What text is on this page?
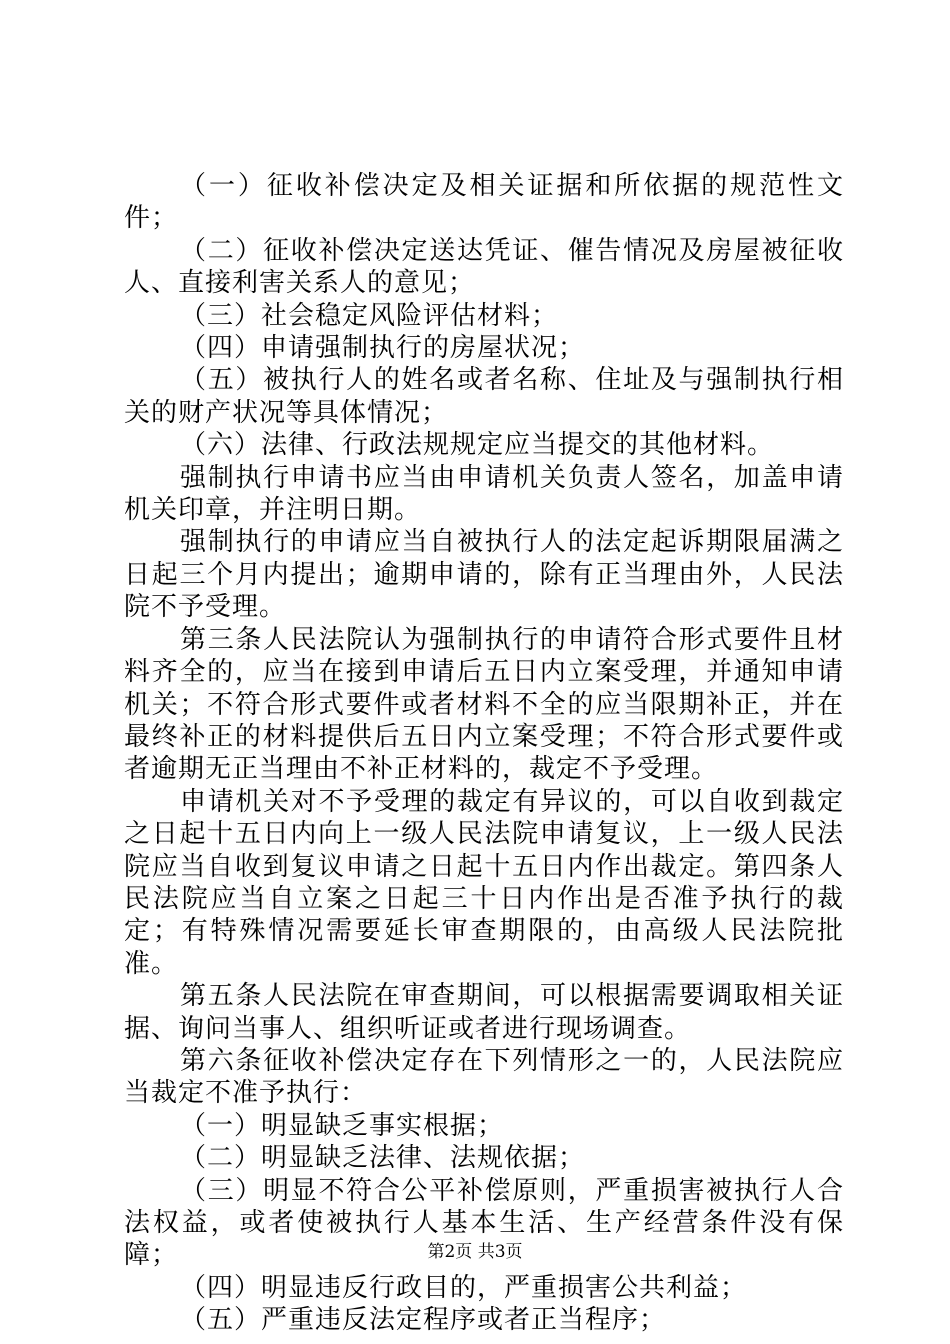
（一）征收补偿决定及相关证据和所依据的规范性文件；

（二）征收补偿决定送达凭证、催告情况及房屋被征收人、直接利害关系人的意见；

（三）社会稳定风险评估材料；

（四）申请强制执行的房屋状况；

（五）被执行人的姓名或者名称、住址及与强制执行相关的财产状况等具体情况；

（六）法律、行政法规规定应当提交的其他材料。

强制执行申请书应当由申请机关负责人签名，加盖申请机关印章，并注明日期。

强制执行的申请应当自被执行人的法定起诉期限届满之日起三个月内提出；逾期申请的，除有正当理由外，人民法院不予受理。

第三条人民法院认为强制执行的申请符合形式要件且材料齐全的，应当在接到申请后五日内立案受理，并通知申请机关；不符合形式要件或者材料不全的应当限期补正，并在最终补正的材料提供后五日内立案受理；不符合形式要件或者逾期无正当理由不补正材料的，裁定不予受理。

申请机关对不予受理的裁定有异议的，可以自收到裁定之日起十五日内向上一级人民法院申请复议，上一级人民法院应当自收到复议申请之日起十五日内作出裁定。第四条人民法院应当自立案之日起三十日内作出是否准予执行的裁定；有特殊情况需要延长审查期限的，由高级人民法院批准。

第五条人民法院在审查期间，可以根据需要调取相关证据、询问当事人、组织听证或者进行现场调查。

第六条征收补偿决定存在下列情形之一的，人民法院应当裁定不准予执行：

（一）明显缺乏事实根据；

（二）明显缺乏法律、法规依据；

（三）明显不符合公平补偿原则，严重损害被执行人合法权益，或者使被执行人基本生活、生产经营条件没有保障；

（四）明显违反行政目的，严重损害公共利益；

（五）严重违反法定程序或者正当程序；

第2页 共3页
